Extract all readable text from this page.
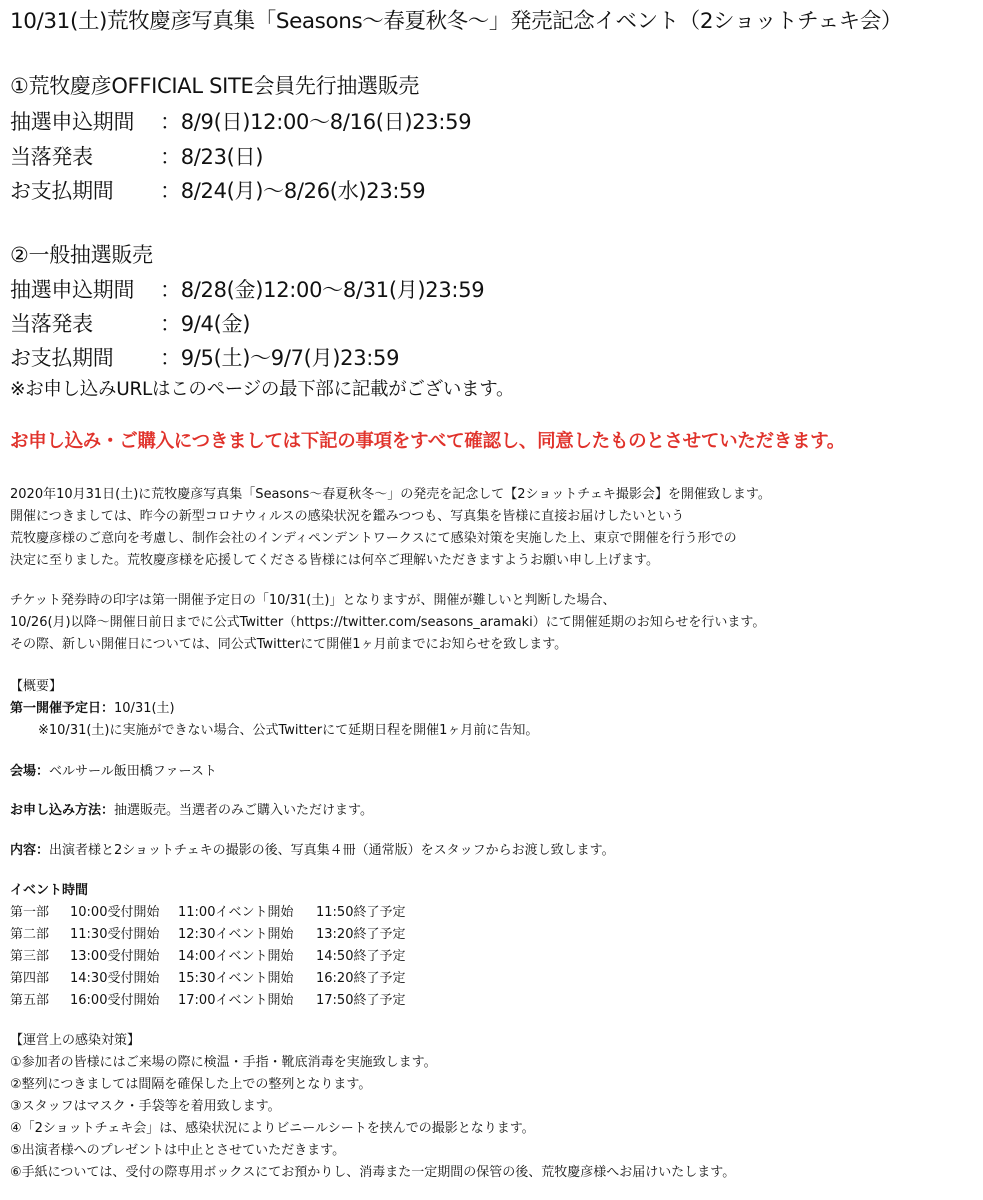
10/31(土)荒牧慶彦写真集「Seasons〜春夏秋冬〜」発売記念イベント（2ショットチェキ会）
①荒牧慶彦OFFICIAL SITE会員先行抽選販売
抽選申込期間 ：8/9(日)12:00〜8/16(日)23:59
当落発表	：8/23(日)
お支払期間 ：8/24(月)〜8/26(水)23:59
②一般抽選販売
抽選申込期間 ：8/28(金)12:00〜8/31(月)23:59
当落発表	：9/4(金)
お支払期間 ：9/5(土)〜9/7(月)23:59
※お申し込みURLはこのページの最下部に記載がございます。
お申し込み・ご購入につきましては下記の事項をすべて確認し、同意したものとさせていただきます。
2020年10月31日(土)に荒牧慶彦写真集「Seasons〜春夏秋冬〜」の発売を記念して【2ショットチェキ撮影会】を開催致します。
開催につきましては、昨今の新型コロナウィルスの感染状況を鑑みつつも、写真集を皆様に直接お届けしたいという
荒牧慶彦様のご意向を考慮し、制作会社のインディペンデントワークスにて感染対策を実施した上、東京で開催を行う形での
決定に至りました。荒牧慶彦様を応援してくださる皆様には何卒ご理解いただきますようお願い申し上げます。
チケット発券時の印字は第一開催予定日の「10/31(土)」となりますが、開催が難しいと判断した場合、
10/26(月)以降〜開催日前日までに公式Twitter（https://twitter.com/seasons_aramaki）にて開催延期のお知らせを行います。
その際、新しい開催日については、同公式Twitterにて開催1ヶ月前までにお知らせを致します。
【概要】
第一開催予定日：10/31(土)
※10/31(土)に実施ができない場合、公式Twitterにて延期日程を開催1ヶ月前に告知。
会場：ベルサール飯田橋ファースト
お申し込み方法：抽選販売。当選者のみご購入いただけます。
内容：出演者様と2ショットチェキの撮影の後、写真集４冊（通常版）をスタッフからお渡し致します。
イベント時間
第一部 10:00受付開始 11:00イベント開始 11:50終了予定
第二部 11:30受付開始 12:30イベント開始 13:20終了予定
第三部 13:00受付開始 14:00イベント開始 14:50終了予定
第四部 14:30受付開始 15:30イベント開始 16:20終了予定
第五部 16:00受付開始 17:00イベント開始 17:50終了予定
【運営上の感染対策】
①参加者の皆様にはご来場の際に検温・手指・靴底消毒を実施致します。
②整列につきましては間隔を確保した上での整列となります。
③スタッフはマスク・手袋等を着用致します。
④「2ショットチェキ会」は、感染状況によりビニールシートを挟んでの撮影となります。
⑤出演者様へのプレゼントは中止とさせていただきます。
⑥手紙については、受付の際専用ボックスにてお預かりし、消毒また一定期間の保管の後、荒牧慶彦様へお届けいたします。
